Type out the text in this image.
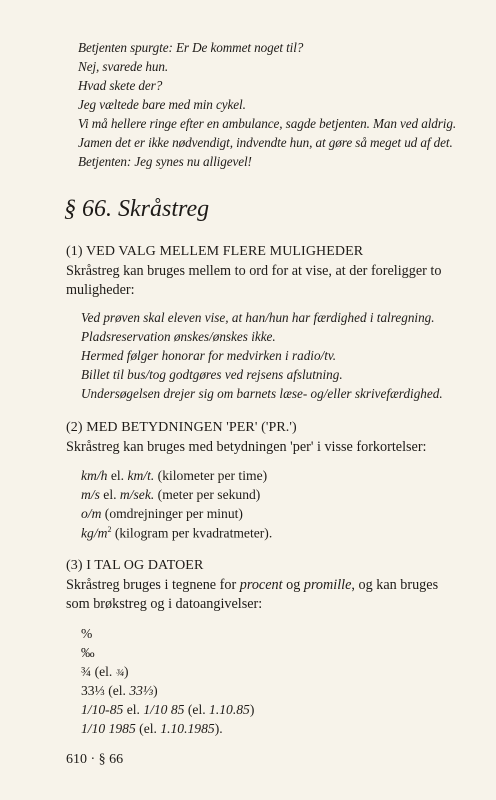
Betjenten spurgte: Er De kommet noget til?
Nej, svarede hun.
Hvad skete der?
Jeg væltede bare med min cykel.
Vi må hellere ringe efter en ambulance, sagde betjenten. Man ved aldrig.
Jamen det er ikke nødvendigt, indvendte hun, at gøre så meget ud af det.
Betjenten: Jeg synes nu alligevel!
§ 66. Skråstreg
(1) VED VALG MELLEM FLERE MULIGHEDER
Skråstreg kan bruges mellem to ord for at vise, at der foreligger to
muligheder:
Ved prøven skal eleven vise, at han/hun har færdighed i talregning.
Pladsreservation ønskes/ønskes ikke.
Hermed følger honorar for medvirken i radio/tv.
Billet til bus/tog godtgøres ved rejsens afslutning.
Undersøgelsen drejer sig om barnets læse- og/eller skrivefærdighed.
(2) MED BETYDNINGEN 'PER' ('PR.')
Skråstreg kan bruges med betydningen 'per' i visse forkortelser:
km/h el. km/t. (kilometer per time)
m/s el. m/sek. (meter per sekund)
o/m (omdrejninger per minut)
$kg/m^2$ (kilogram per kvadratmeter).
(3) I TAL OG DATOER
Skråstreg bruges i tegnene for procent og promille, og kan bruges
som brøkstreg og i datoangivelser:
%
‰
¾ (el. ¾)
33⅓ (el. 33⅓)
1/10-85 el. 1/10 85 (el. 1.10.85)
1/10 1985 (el. 1.10.1985).
610 · § 66
